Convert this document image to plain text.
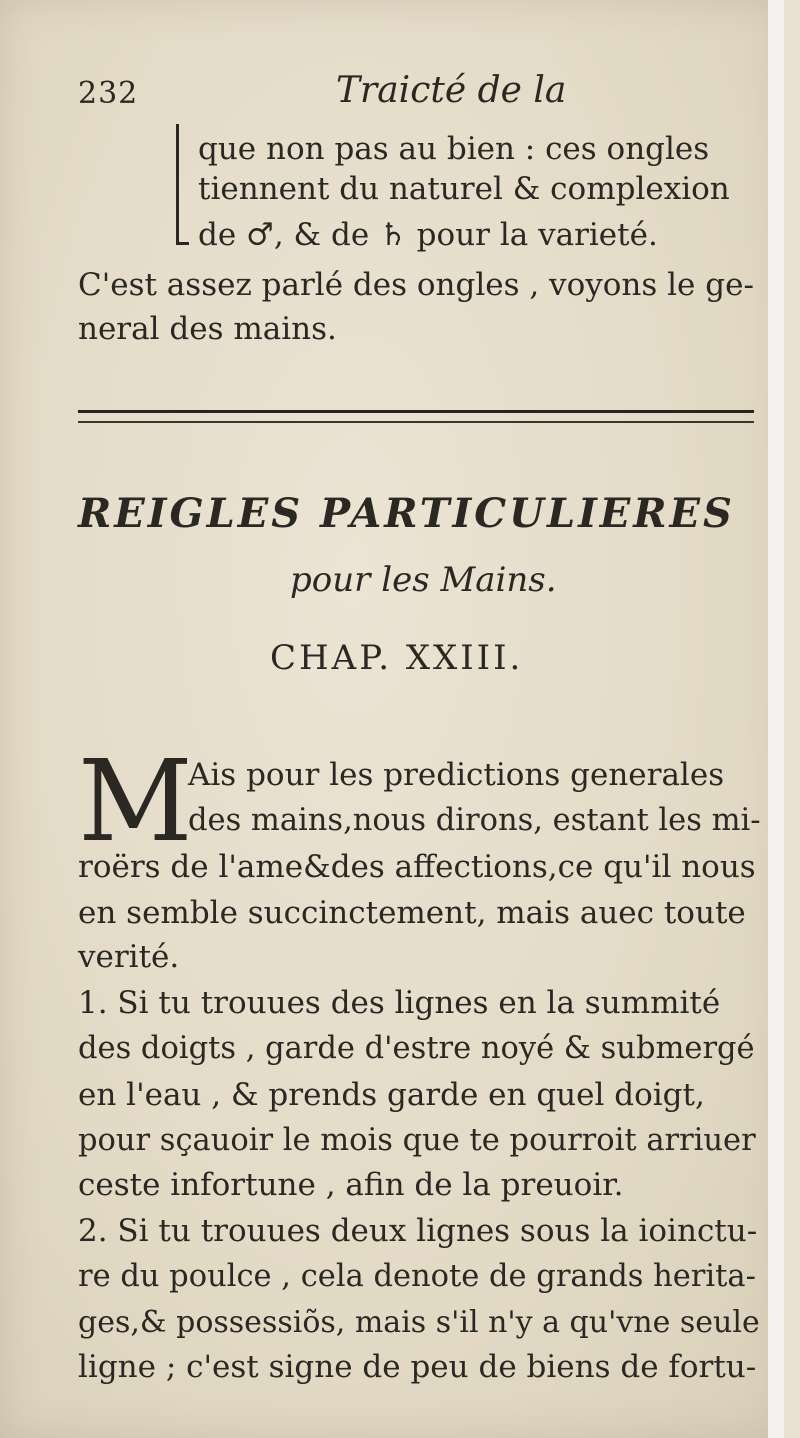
232	Traicté de la
que non pas au bien : ces ongles
tiennent du naturel & complexion
de ♂, & de ♄ pour la varieté.
C'est assez parlé des ongles , voyons le ge-
neral des mains.
REIGLES PARTICULIERES
pour les Mains.
CHAP. XXIII.
M
Ais pour les predictions generales
des mains,nous dirons, estant les mi-
roërs de l'ame&des affections,ce qu'il nous
en semble succinctement, mais auec toute
verité.
1. Si tu trouues des lignes en la summité
des doigts , garde d'estre noyé & submergé
en l'eau , & prends garde en quel doigt,
pour sçauoir le mois que te pourroit arriuer
ceste infortune , afin de la preuoir.
2. Si tu trouues deux lignes sous la ioinctu-
re du poulce , cela denote de grands herita-
ges,& possessiõs, mais s'il n'y a qu'vne seule
ligne ; c'est signe de peu de biens de fortu-
